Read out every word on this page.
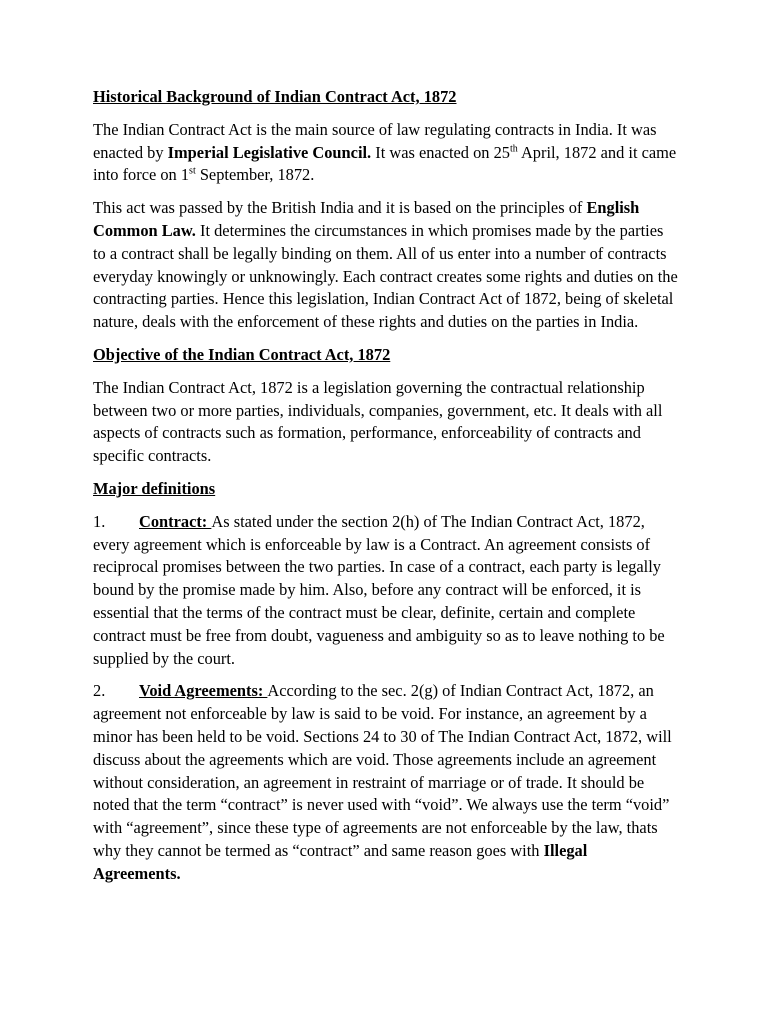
Historical Background of Indian Contract Act, 1872

The Indian Contract Act is the main source of law regulating contracts in India. It was enacted by Imperial Legislative Council. It was enacted on 25th April, 1872 and it came into force on 1st September, 1872.

This act was passed by the British India and it is based on the principles of English Common Law. It determines the circumstances in which promises made by the parties to a contract shall be legally binding on them. All of us enter into a number of contracts everyday knowingly or unknowingly. Each contract creates some rights and duties on the contracting parties. Hence this legislation, Indian Contract Act of 1872, being of skeletal nature, deals with the enforcement of these rights and duties on the parties in India.

Objective of the Indian Contract Act, 1872

The Indian Contract Act, 1872 is a legislation governing the contractual relationship between two or more parties, individuals, companies, government, etc. It deals with all aspects of contracts such as formation, performance, enforceability of contracts and specific contracts.

Major definitions

1. Contract: As stated under the section 2(h) of The Indian Contract Act, 1872, every agreement which is enforceable by law is a Contract. An agreement consists of reciprocal promises between the two parties. In case of a contract, each party is legally bound by the promise made by him. Also, before any contract will be enforced, it is essential that the terms of the contract must be clear, definite, certain and complete contract must be free from doubt, vagueness and ambiguity so as to leave nothing to be supplied by the court.

2. Void Agreements: According to the sec. 2(g) of Indian Contract Act, 1872, an agreement not enforceable by law is said to be void. For instance, an agreement by a minor has been held to be void. Sections 24 to 30 of The Indian Contract Act, 1872, will discuss about the agreements which are void. Those agreements include an agreement without consideration, an agreement in restraint of marriage or of trade. It should be noted that the term “contract” is never used with “void”. We always use the term “void” with “agreement”, since these type of agreements are not enforceable by the law, thats why they cannot be termed as “contract” and same reason goes with Illegal Agreements.
